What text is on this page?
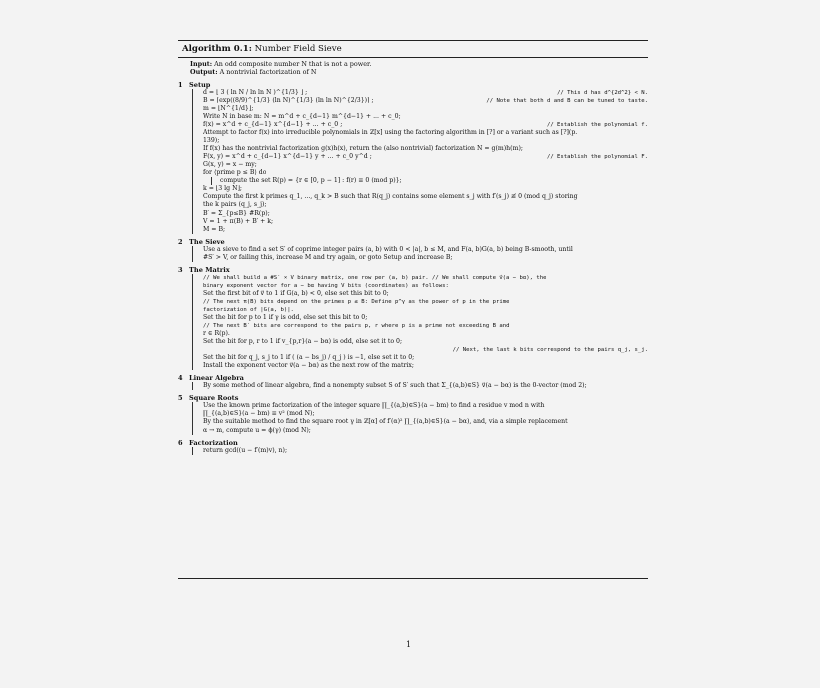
Algorithm 0.1: Number Field Sieve
Input: An odd composite number N that is not a power.
Output: A nontrivial factorization of N
1 Setup
d = ⌊ 3 ( ln N / ln ln N )^{1/3} ⌋ ;	// This d has d^{2d^2} < N.
B = ⌈exp((8/9)^{1/3} (ln N)^{1/3} (ln ln N)^{2/3})⌉ ;	// Note that both d and B can be tuned to taste.
m = ⌊N^{1/d}⌋;
Write N in base m: N = m^d + c_{d−1} m^{d−1} + ... + c_0;
f(x) = x^d + c_{d−1} x^{d−1} + ... + c_0 ;	// Establish the polynomial f.
Attempt to factor f(x) into irreducible polynomials in ℤ[x] using the factoring algorithm in [?] or a variant such as [?](p.
139);
If f(x) has the nontrivial factorization g(x)h(x), return the (also nontrivial) factorization N = g(m)h(m);
F(x, y) = x^d + c_{d−1} x^{d−1} y + ... + c_0 y^d ;	// Establish the polynomial F.
G(x, y) = x − my;
for ⟨prime p ≤ B⟩ do
compute the set R(p) = {r ∈ [0, p − 1] : f(r) ≡ 0 (mod p)};
k = ⌊3 lg N⌋;
Compute the first k primes q_1, ..., q_k > B such that R(q_j) contains some element s_j with f′(s_j) ≢ 0 (mod q_j) storing
the k pairs (q_j, s_j);
B′ = Σ_{p≤B} #R(p);
V = 1 + π(B) + B′ + k;
M = B;
2 The Sieve
Use a sieve to find a set S′ of coprime integer pairs (a, b) with 0 < |a|, b ≤ M, and F(a, b)G(a, b) being B-smooth, until
#S′ > V, or failing this, increase M and try again, or goto Setup and increase B;
3 The Matrix
// We shall build a #S′ × V binary matrix, one row per (a, b) pair. // We shall compute v⃗(a − bα), the
binary exponent vector for a − bα having V bits (coordinates) as follows:
Set the first bit of v⃗ to 1 if G(a, b) < 0, else set this bit to 0;
// The next π(B) bits depend on the primes p ≤ B: Define p^γ as the power of p in the prime
factorization of |G(a, b)|.
Set the bit for p to 1 if γ is odd, else set this bit to 0;
// The next B′ bits are correspond to the pairs p, r where p is a prime not exceeding B and
r ∈ R(p).
Set the bit for p, r to 1 if v_{p,r}(a − bα) is odd, else set it to 0;
// Next, the last k bits correspond to the pairs q_j, s_j.
Set the bit for q_j, s_j to 1 if ( (a − bs_j) / q_j ) is −1, else set it to 0;
Install the exponent vector v⃗(a − bα) as the next row of the matrix;
4 Linear Algebra
By some method of linear algebra, find a nonempty subset S of S′ such that Σ_{(a,b)∈S} v⃗(a − bα) is the 0-vector (mod 2);
5 Square Roots
Use the known prime factorization of the integer square ∏_{(a,b)∈S}(a − bm) to find a residue v mod n with
∏_{(a,b)∈S}(a − bm) ≡ v² (mod N);
By the suitable method to find the square root γ in ℤ[α] of f′(α)² ∏_{(a,b)∈S}(a − bα), and, via a simple replacement
α → m, compute u = ϕ(γ) (mod N);
6 Factorization
return gcd((u − f′(m)v), n);
1
